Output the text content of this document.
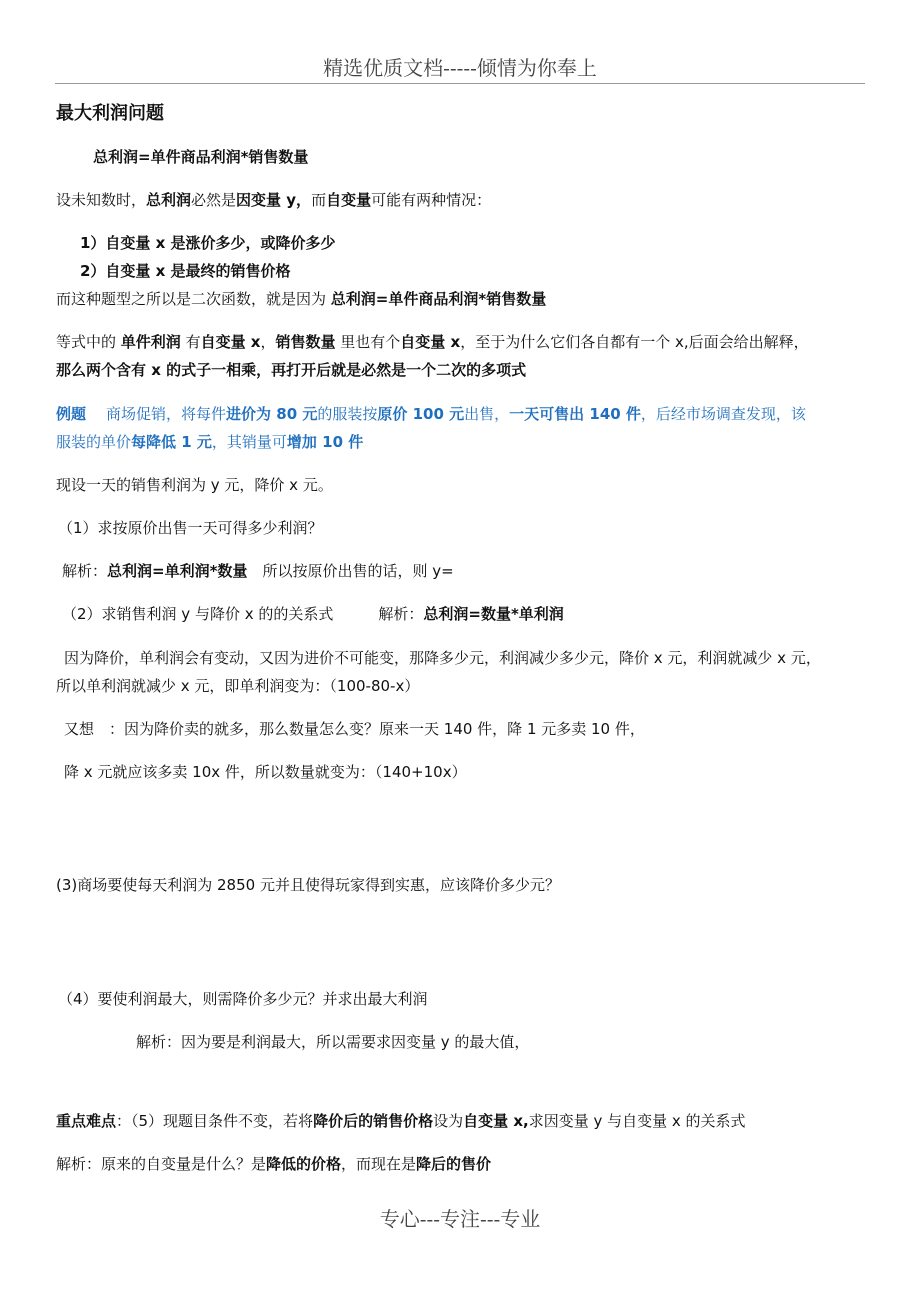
精选优质文档-----倾情为你奉上
最大利润问题
总利润=单件商品利润*销售数量
设未知数时，总利润必然是因变量 y，而自变量可能有两种情况：
1）自变量 x 是涨价多少，或降价多少
2）自变量 x 是最终的销售价格
而这种题型之所以是二次函数，就是因为 总利润=单件商品利润*销售数量
等式中的 单件利润 有自变量 x，销售数量 里也有个自变量 x，至于为什么它们各自都有一个 x,后面会给出解释，
那么两个含有 x 的式子一相乘，再打开后就是必然是一个二次的多项式
例题 商场促销，将每件进价为 80 元的服装按原价 100 元出售，一天可售出 140 件，后经市场调查发现，该
服装的单价每降低 1 元，其销量可增加 10 件
现设一天的销售利润为 y 元，降价 x 元。
（1）求按原价出售一天可得多少利润？
解析：总利润=单利润*数量　所以按原价出售的话，则 y=
（2）求销售利润 y 与降价 x 的的关系式　　　解析：总利润=数量*单利润
因为降价，单利润会有变动，又因为进价不可能变，那降多少元，利润减少多少元，降价 x 元，利润就减少 x 元，
所以单利润就减少 x 元，即单利润变为：（100-80-x）
又想　：因为降价卖的就多，那么数量怎么变？原来一天 140 件，降 1 元多卖 10 件，
降 x 元就应该多卖 10x 件，所以数量就变为：（140+10x）
(3)商场要使每天利润为 2850 元并且使得玩家得到实惠，应该降价多少元？
（4）要使利润最大，则需降价多少元？并求出最大利润
解析：因为要是利润最大，所以需要求因变量 y 的最大值，
重点难点：（5）现题目条件不变，若将降价后的销售价格设为自变量 x,求因变量 y 与自变量 x 的关系式
解析：原来的自变量是什么？是降低的价格，而现在是降后的售价
专心---专注---专业
